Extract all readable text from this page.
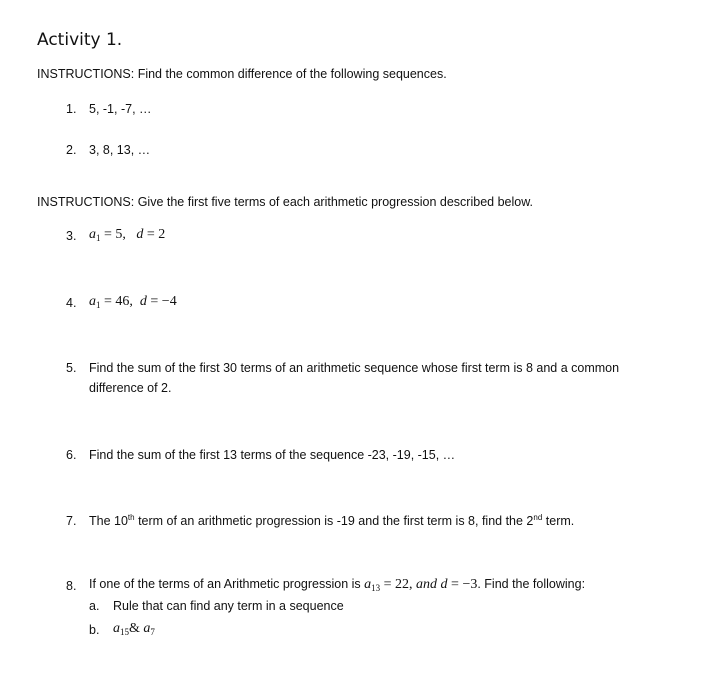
Activity 1.
INSTRUCTIONS: Find the common difference of the following sequences.
1. 5, -1, -7, …
2. 3, 8, 13, …
INSTRUCTIONS: Give the first five terms of each arithmetic progression described below.
3. $a_1 = 5$,   d = 2
4. $a_1 = 46$,  d = −4
5. Find the sum of the first 30 terms of an arithmetic sequence whose first term is 8 and a common
difference of 2.
6. Find the sum of the first 13 terms of the sequence -23, -19, -15, …
7. The 10th term of an arithmetic progression is -19 and the first term is 8, find the 2nd term.
8. If one of the terms of an Arithmetic progression is $a_{13} = 22$, and d = −3. Find the following:
a. Rule that can find any term in a sequence
b. $a_{15}\&$ $a_7$
